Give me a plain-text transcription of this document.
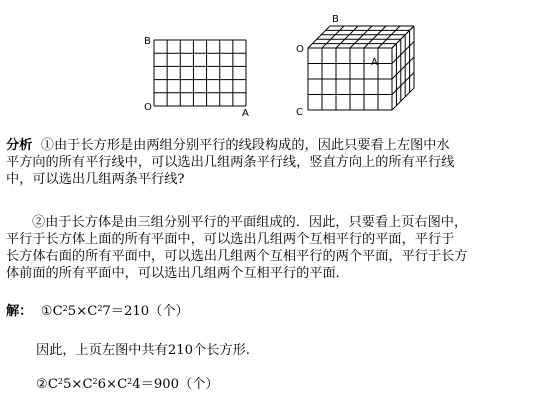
B
O
A
B
O
C
A
分析 ①由于长方形是由两组分别平行的线段构成的，因此只要看上左图中水
平方向的所有平行线中，可以选出几组两条平行线，竖直方向上的所有平行线
中，可以选出几组两条平行线?
②由于长方体是由三组分别平行的平面组成的．因此，只要看上页右图中，
平行于长方体上面的所有平面中，可以选出几组两个互相平行的平面，平行于
长方体右面的所有平面中，可以选出几组两个互相平行的两个平面，平行于长方
体前面的所有平面中，可以选出几组两个互相平行的平面．
解： $①C^25\times C^27=210$（个）
因此，上页左图中共有210个长方形.
$②C^25\times C^26\times C^24=900$（个）
